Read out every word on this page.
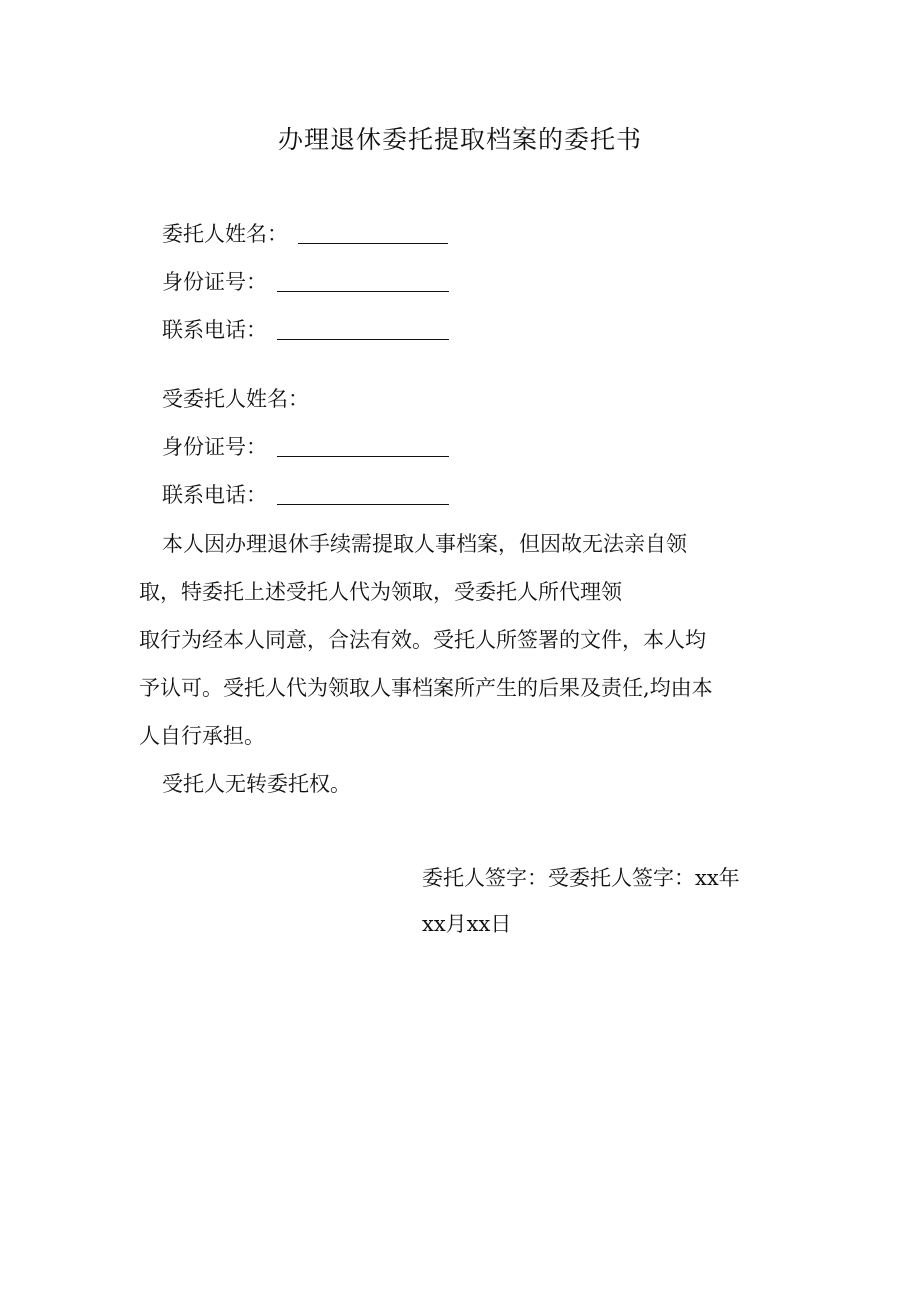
办理退休委托提取档案的委托书
委托人姓名：
身份证号：
联系电话：
受委托人姓名：
身份证号：
联系电话：
本人因办理退休手续需提取人事档案，但因故无法亲自领
取，特委托上述受托人代为领取，受委托人所代理领
取行为经本人同意，合法有效。受托人所签署的文件，本人均
予认可。受托人代为领取人事档案所产生的后果及责任,均由本
人自行承担。
受托人无转委托权。
委托人签字：受委托人签字：xx年
xx月xx日
